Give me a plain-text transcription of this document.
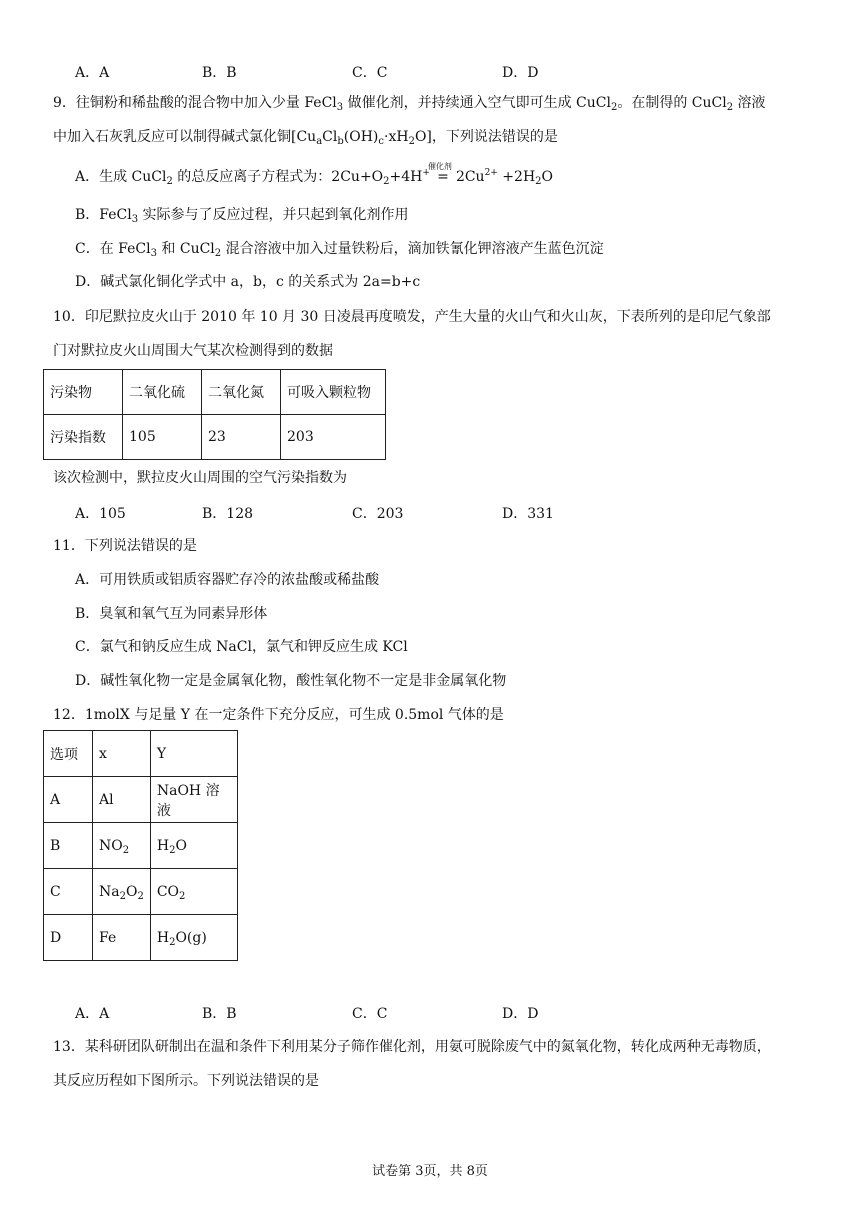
A．A	B．B	C．C	D．D
9．往铜粉和稀盐酸的混合物中加入少量 FeCl$_3$ 做催化剂，并持续通入空气即可生成 CuCl$_2$。在制得的 CuCl$_2$ 溶液
中加入石灰乳反应可以制得碱式氯化铜$[Cu_aCl_b(OH)_c\cdot xH_2O]$，下列说法错误的是
A．生成 CuCl$_2$ 的总反应离子方程式为：$2Cu+O_2+4H^+$
催化剂
= $2Cu^{2+} +2H_2O$
B．FeCl$_3$ 实际参与了反应过程，并只起到氧化剂作用
C．在 FeCl$_3$ 和 CuCl$_2$ 混合溶液中加入过量铁粉后，滴加铁氰化钾溶液产生蓝色沉淀
D．碱式氯化铜化学式中 a，b，c 的关系式为 2a=b+c
10．印尼默拉皮火山于 2010 年 10 月 30 日凌晨再度喷发，产生大量的火山气和火山灰，下表所列的是印尼气象部
门对默拉皮火山周围大气某次检测得到的数据
污染物	二氧化硫	二氧化氮	可吸入颗粒物
污染指数	105	23	203
该次检测中，默拉皮火山周围的空气污染指数为
A．105	B．128	C．203	D．331
11．下列说法错误的是
A．可用铁质或铝质容器贮存冷的浓盐酸或稀盐酸
B．臭氧和氧气互为同素异形体
C．氯气和钠反应生成 NaCl，氯气和钾反应生成 KCl
D．碱性氧化物一定是金属氧化物，酸性氧化物不一定是非金属氧化物
12．1molX 与足量 Y 在一定条件下充分反应，可生成 0.5mol 气体的是
选项	x	Y
A	Al	NaOH 溶液
B	$NO_2$	$H_2O$
C	$Na_2O_2$	$CO_2$
D	Fe	$H_2O(g)$
A．A	B．B	C．C	D．D
13．某科研团队研制出在温和条件下利用某分子筛作催化剂，用氨可脱除废气中的氮氧化物，转化成两种无毒物质，
其反应历程如下图所示。下列说法错误的是
试卷第 3页，共 8页
